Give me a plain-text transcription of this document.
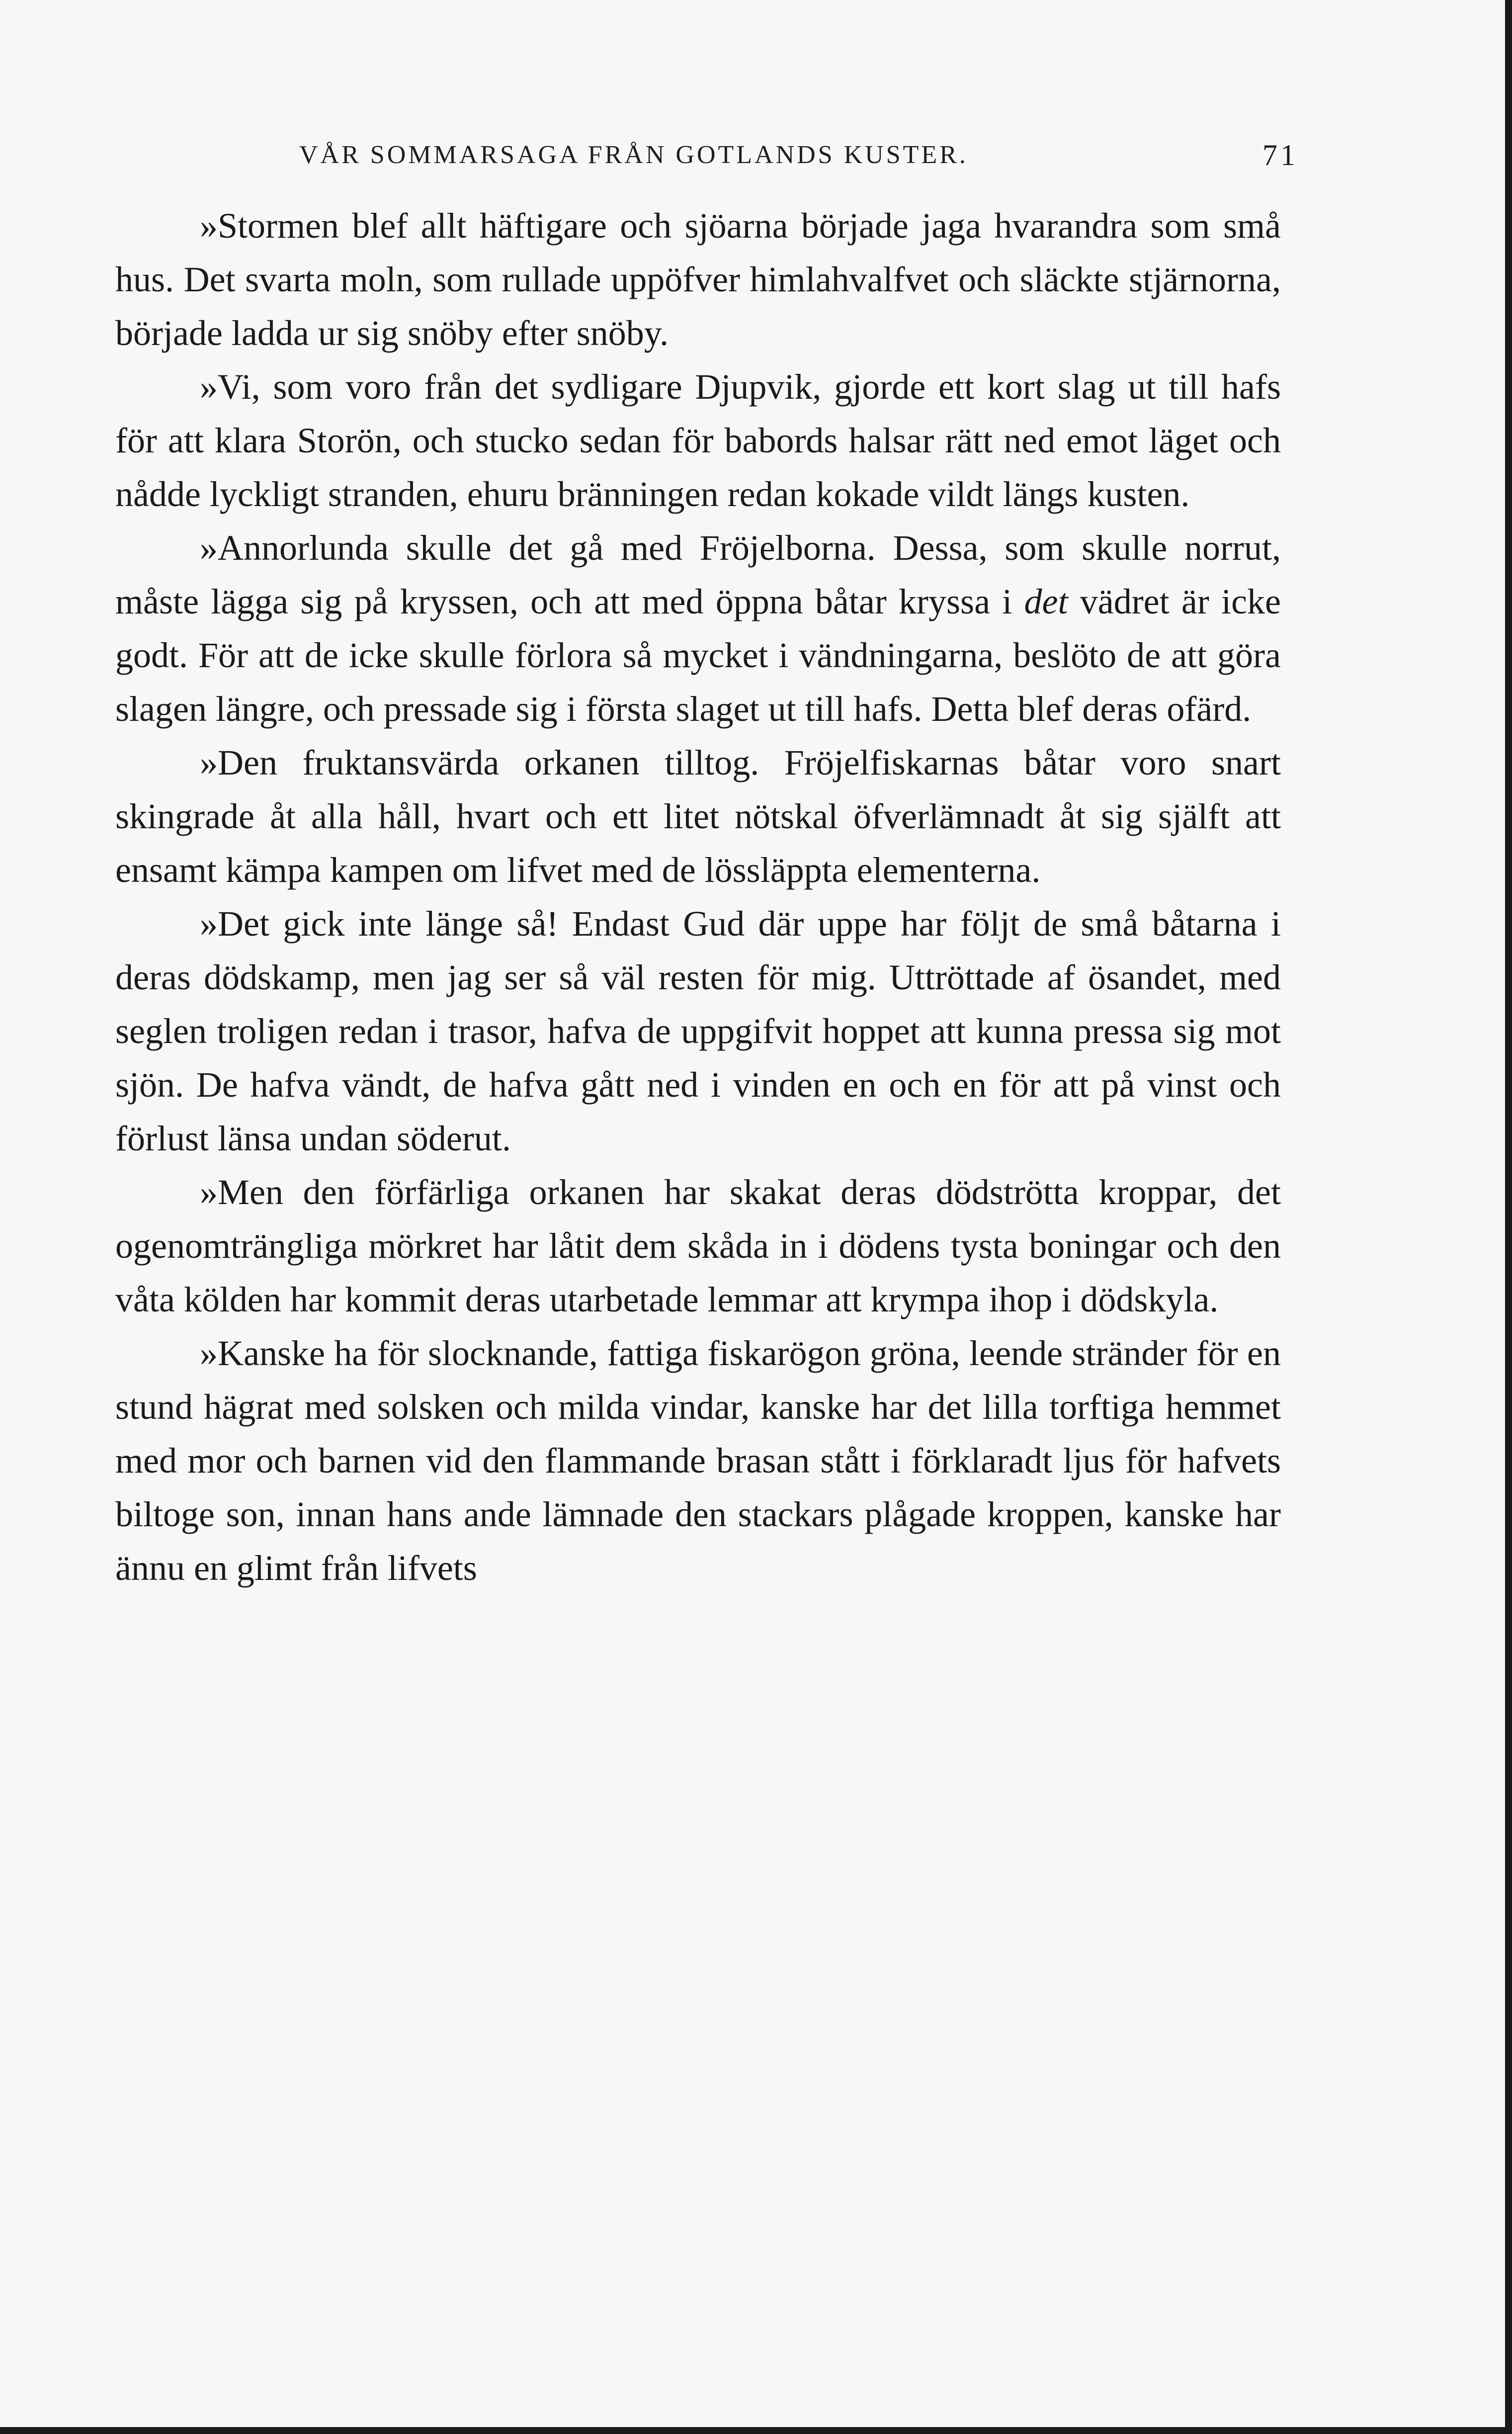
VÅR SOMMARSAGA FRÅN GOTLANDS KUSTER.	71

»Stormen blef allt häftigare och sjöarna började jaga hvarandra som små hus. Det svarta moln, som rullade uppöfver himlahvalfvet och släckte stjärnorna, började ladda ur sig snöby efter snöby.

»Vi, som voro från det sydligare Djupvik, gjorde ett kort slag ut till hafs för att klara Storön, och stucko sedan för babords halsar rätt ned emot läget och nådde lyckligt stranden, ehuru bränningen redan kokade vildt längs kusten.

»Annorlunda skulle det gå med Fröjelborna. Dessa, som skulle norrut, måste lägga sig på kryssen, och att med öppna båtar kryssa i det vädret är icke godt. För att de icke skulle förlora så mycket i vändningarna, beslöto de att göra slagen längre, och pressade sig i första slaget ut till hafs. Detta blef deras ofärd.

»Den fruktansvärda orkanen tilltog. Fröjelfiskarnas båtar voro snart skingrade åt alla håll, hvart och ett litet nötskal öfverlämnadt åt sig själft att ensamt kämpa kampen om lifvet med de lössläppta elementerna.

»Det gick inte länge så! Endast Gud där uppe har följt de små båtarna i deras dödskamp, men jag ser så väl resten för mig. Uttröttade af ösandet, med seglen troligen redan i trasor, hafva de uppgifvit hoppet att kunna pressa sig mot sjön. De hafva vändt, de hafva gått ned i vinden en och en för att på vinst och förlust länsa undan söderut.

»Men den förfärliga orkanen har skakat deras dödströtta kroppar, det ogenomträngliga mörkret har låtit dem skåda in i dödens tysta boningar och den våta kölden har kommit deras utarbetade lemmar att krympa ihop i dödskyla.

»Kanske ha för slocknande, fattiga fiskarögon gröna, leende stränder för en stund hägrat med solsken och milda vindar, kanske har det lilla torftiga hemmet med mor och barnen vid den flammande brasan stått i förklaradt ljus för hafvets biltoge son, innan hans ande lämnade den stackars plågade kroppen, kanske har ännu en glimt från lifvets
